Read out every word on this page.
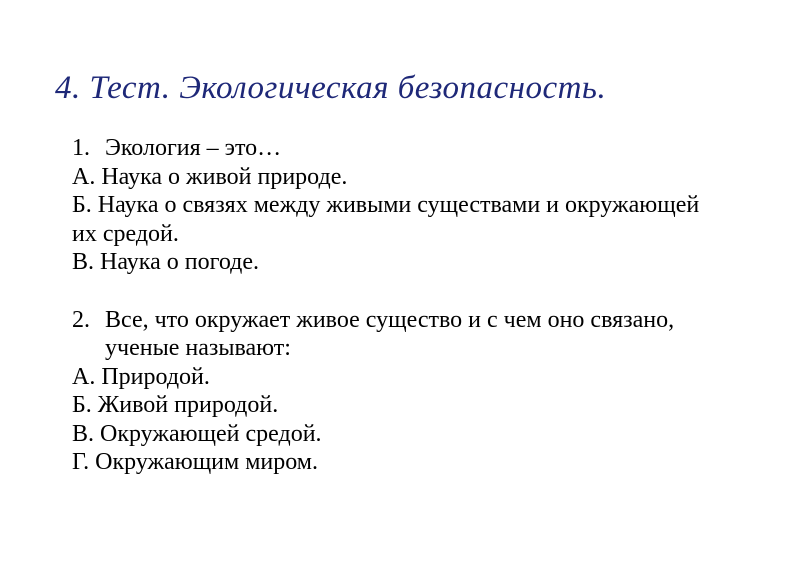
4. Тест. Экологическая безопасность.
1. Экология – это…
А. Наука о живой природе.
Б. Наука о связях между живыми существами и окружающей
их средой.
В. Наука о погоде.
2. Все, что окружает живое существо и с чем оно связано,
ученые называют:
А. Природой.
Б. Живой природой.
В. Окружающей средой.
Г. Окружающим миром.
